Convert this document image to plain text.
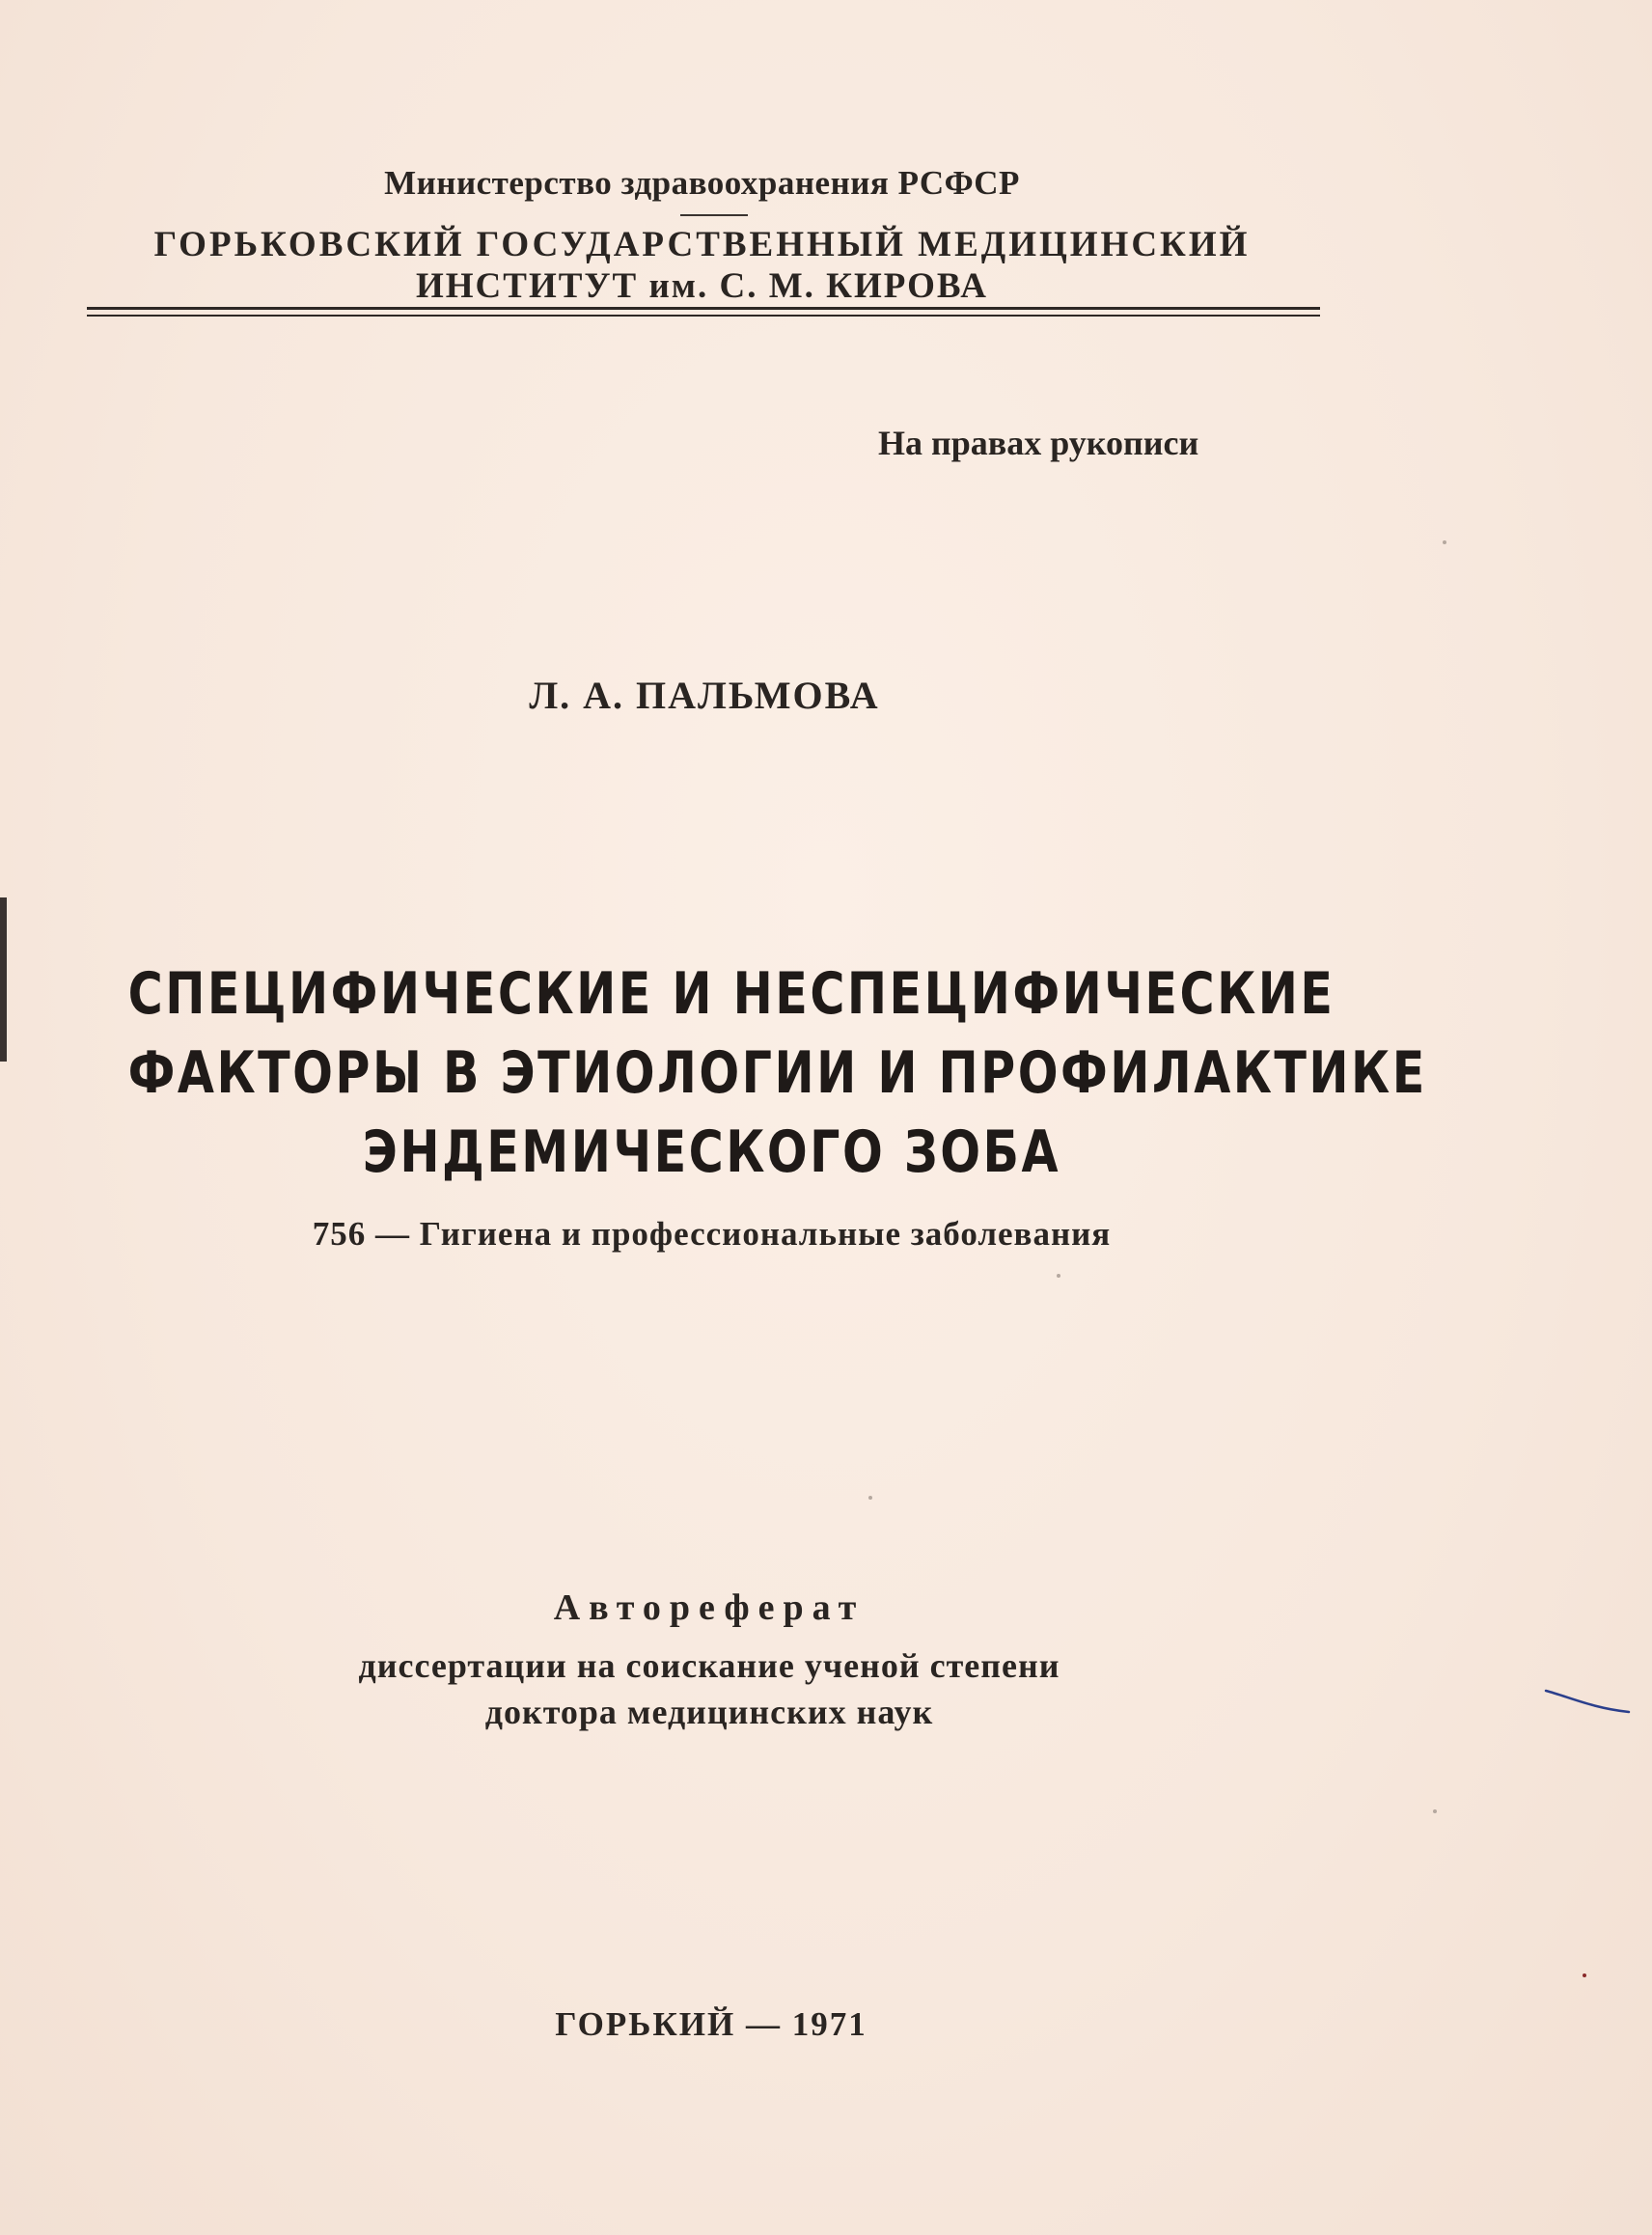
Министерство здравоохранения РСФСР
ГОРЬКОВСКИЙ ГОСУДАРСТВЕННЫЙ МЕДИЦИНСКИЙ
ИНСТИТУТ им. С. М. КИРОВА
На правах рукописи
Л. А. ПАЛЬМОВА
СПЕЦИФИЧЕСКИЕ И НЕСПЕЦИФИЧЕСКИЕ
ФАКТОРЫ В ЭТИОЛОГИИ И ПРОФИЛАКТИКЕ
ЭНДЕМИЧЕСКОГО ЗОБА
756 — Гигиена и профессиональные заболевания
Автореферат
диссертации на соискание ученой степени
доктора медицинских наук
ГОРЬКИЙ — 1971
